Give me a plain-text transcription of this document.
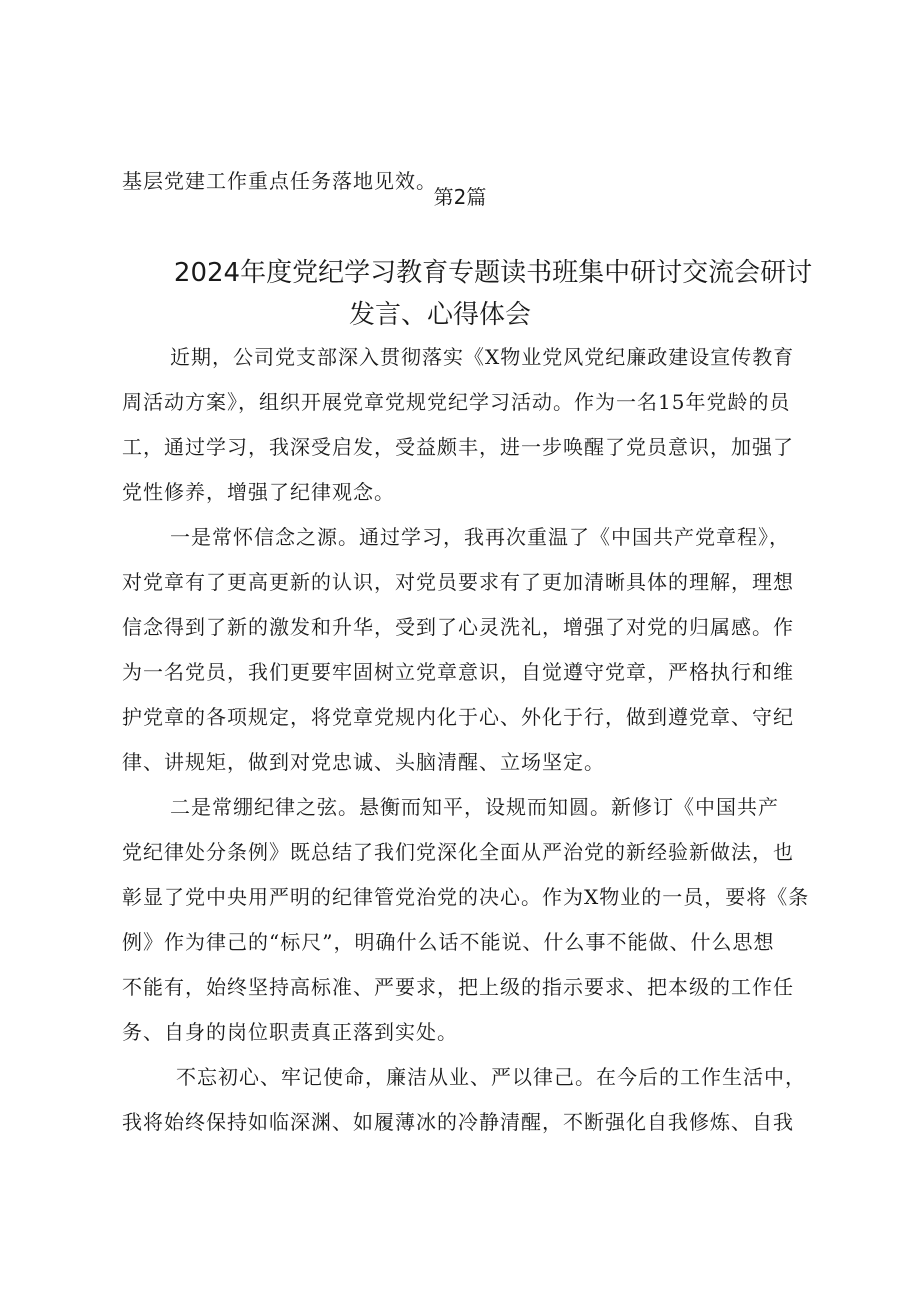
基层党建工作重点任务落地见效。
第2篇
2024年度党纪学习教育专题读书班集中研讨交流会研讨
发言、心得体会
近期，公司党支部深入贯彻落实《X物业党风党纪廉政建设宣传教育
周活动方案》，组织开展党章党规党纪学习活动。作为一名15年党龄的员
工，通过学习，我深受启发，受益颇丰，进一步唤醒了党员意识，加强了
党性修养，增强了纪律观念。
一是常怀信念之源。通过学习，我再次重温了《中国共产党章程》，
对党章有了更高更新的认识，对党员要求有了更加清晰具体的理解，理想
信念得到了新的激发和升华，受到了心灵洗礼，增强了对党的归属感。作
为一名党员，我们更要牢固树立党章意识，自觉遵守党章，严格执行和维
护党章的各项规定，将党章党规内化于心、外化于行，做到遵党章、守纪
律、讲规矩，做到对党忠诚、头脑清醒、立场坚定。
二是常绷纪律之弦。悬衡而知平，设规而知圆。新修订《中国共产
党纪律处分条例》既总结了我们党深化全面从严治党的新经验新做法，也
彰显了党中央用严明的纪律管党治党的决心。作为X物业的一员，要将《条
例》作为律己的“标尺”，明确什么话不能说、什么事不能做、什么思想
不能有，始终坚持高标准、严要求，把上级的指示要求、把本级的工作任
务、自身的岗位职责真正落到实处。
不忘初心、牢记使命，廉洁从业、严以律己。在今后的工作生活中，
我将始终保持如临深渊、如履薄冰的冷静清醒，不断强化自我修炼、自我
